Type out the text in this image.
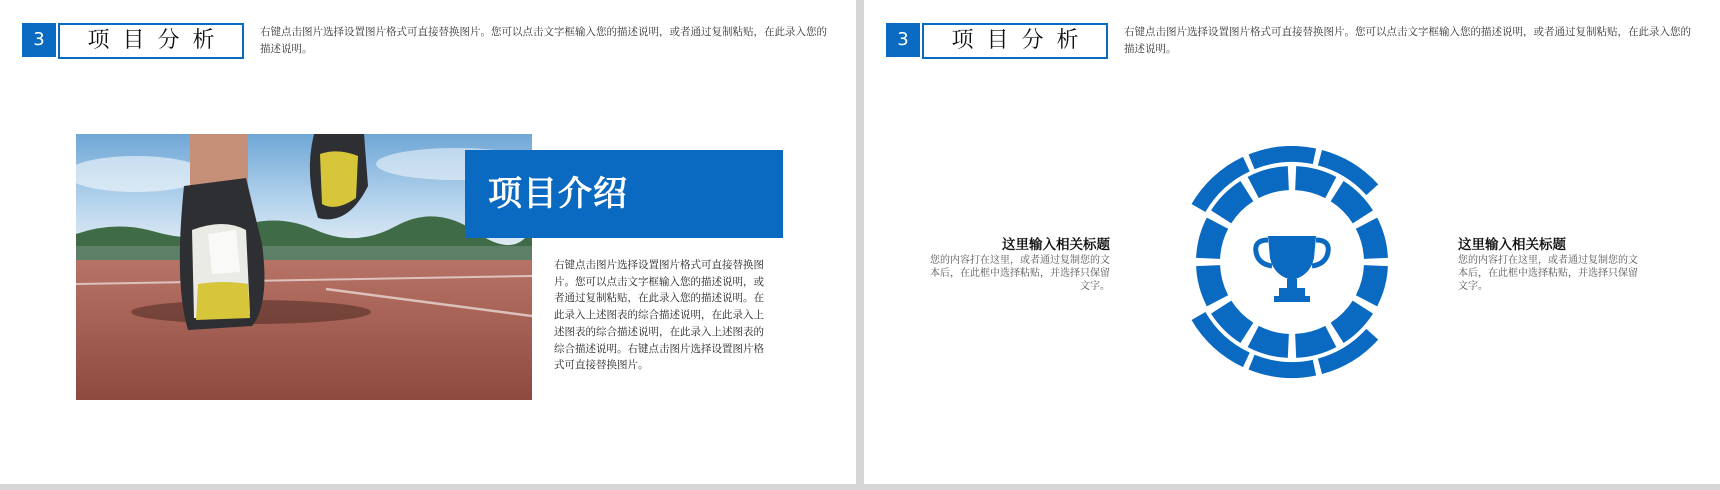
3	项目分析	右键点击图片选择设置图片格式可直接替换图片。您可以点击文字框输入您的描述说明，或者通过复制粘贴，在此录入您的描述说明。
项目介绍
右键点击图片选择设置图片格式可直接替换图片。您可以点击文字框输入您的描述说明，或者通过复制粘贴，在此录入您的描述说明。在此录入上述图表的综合描述说明，在此录入上述图表的综合描述说明，在此录入上述图表的综合描述说明。右键点击图片选择设置图片格式可直接替换图片。
3	项目分析	右键点击图片选择设置图片格式可直接替换图片。您可以点击文字框输入您的描述说明，或者通过复制粘贴，在此录入您的描述说明。
这里输入相关标题
您的内容打在这里，或者通过复制您的文本后，在此框中选择粘贴，并选择只保留文字。
这里输入相关标题
您的内容打在这里，或者通过复制您的文本后，在此框中选择粘贴，并选择只保留文字。
